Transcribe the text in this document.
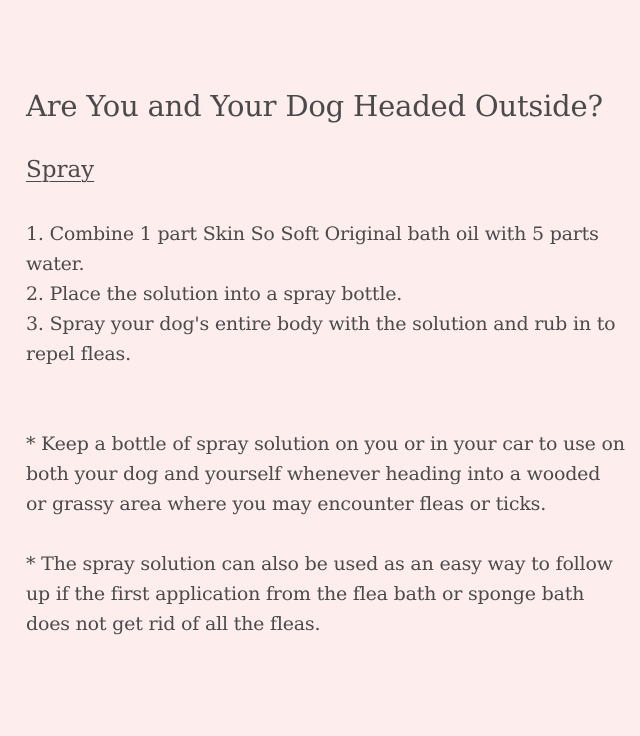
Are You and Your Dog Headed Outside?
Spray
1. Combine 1 part Skin So Soft Original bath oil with 5 parts water.
2. Place the solution into a spray bottle.
3. Spray your dog's entire body with the solution and rub in to repel fleas.

* Keep a bottle of spray solution on you or in your car to use on both your dog and yourself whenever heading into a wooded or grassy area where you may encounter fleas or ticks.

* The spray solution can also be used as an easy way to follow up if the first application from the flea bath or sponge bath does not get rid of all the fleas.
